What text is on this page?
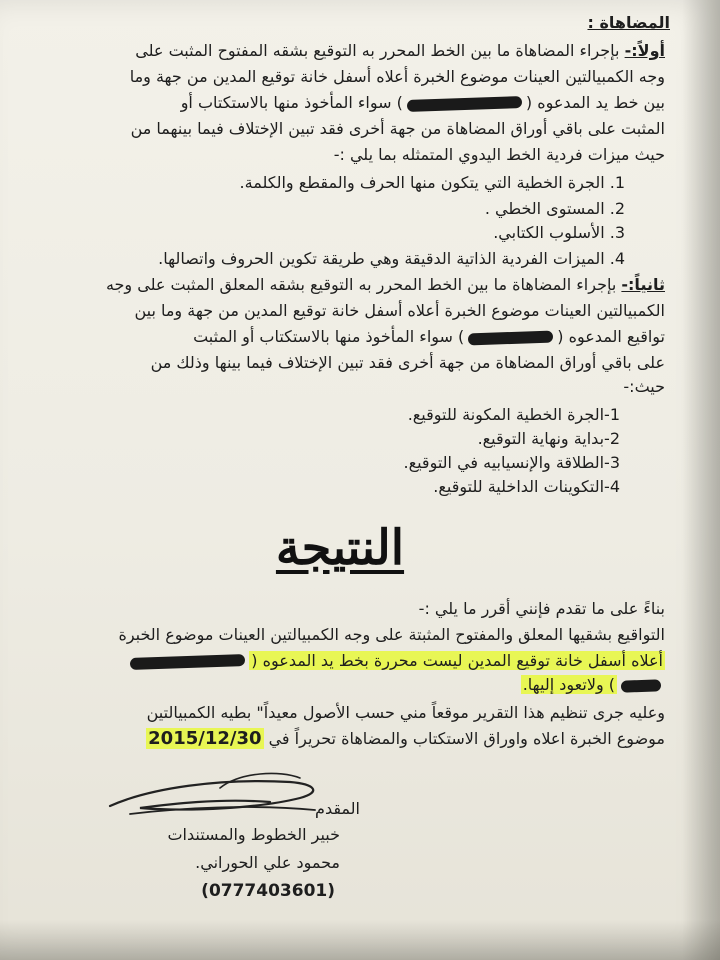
المضاهاة :
أولاً:- بإجراء المضاهاة ما بين الخط المحرر به التوقيع بشقه المفتوح المثبت على
وجه الكمبيالتين العينات موضوع الخبرة أعلاه أسفل خانة توقيع المدين من جهة وما
بين خط يد المدعوه () سواء المأخوذ منها بالاستكتاب أو
المثبت على باقي أوراق المضاهاة من جهة أخرى فقد تبين الإختلاف فيما بينهما من
حيث ميزات فردية الخط اليدوي المتمثله بما يلي :-
1. الجرة الخطية التي يتكون منها الحرف والمقطع والكلمة.
2. المستوى الخطي .
3. الأسلوب الكتابي.
4. الميزات الفردية الذاتية الدقيقة وهي طريقة تكوين الحروف واتصالها.
ثانياً:- بإجراء المضاهاة ما بين الخط المحرر به التوقيع بشقه المعلق المثبت على وجه
الكمبيالتين العينات موضوع الخبرة أعلاه أسفل خانة توقيع المدين من جهة وما بين
تواقيع المدعوه () سواء المأخوذ منها بالاستكتاب أو المثبت
على باقي أوراق المضاهاة من جهة أخرى فقد تبين الإختلاف فيما بينها وذلك من
حيث:-
1-الجرة الخطية المكونة للتوقيع.
2-بداية ونهاية التوقيع.
3-الطلاقة والإنسيابيه في التوقيع.
4-التكوينات الداخلية للتوقيع.
النتيجة
بناءً على ما تقدم فإنني أقرر ما يلي :-
التواقيع بشقيها المعلق والمفتوح المثبتة على وجه الكمبيالتين العينات موضوع الخبرة
أعلاه أسفل خانة توقيع المدين ليست محررة بخط يد المدعوه (
) ولاتعود إليها.
وعليه جرى تنظيم هذا التقرير موقعاً مني حسب الأصول معيداً" بطيه الكمبيالتين
موضوع الخبرة اعلاه واوراق الاستكتاب والمضاهاة تحريراً في 2015/12/30
المقدم
خبير الخطوط والمستندات
محمود علي الحوراني.
(0777403601)
